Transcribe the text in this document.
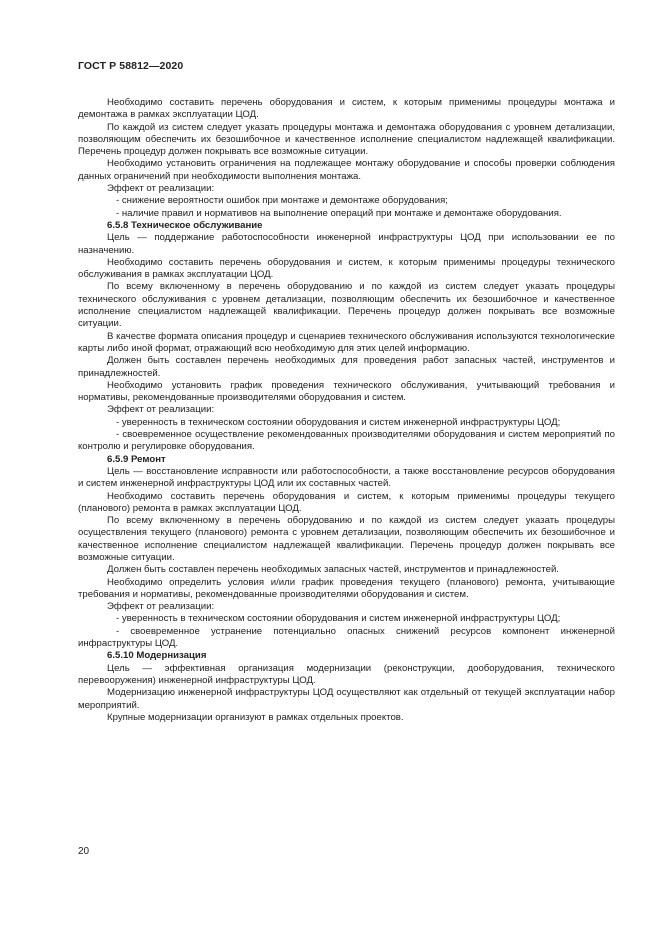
ГОСТ Р 58812—2020

Необходимо составить перечень оборудования и систем, к которым применимы процедуры монтажа и демонтажа в рамках эксплуатации ЦОД.

По каждой из систем следует указать процедуры монтажа и демонтажа оборудования с уровнем детализации, позволяющим обеспечить их безошибочное и качественное исполнение специалистом надлежащей квалификации. Перечень процедур должен покрывать все возможные ситуации.

Необходимо установить ограничения на подлежащее монтажу оборудование и способы проверки соблюдения данных ограничений при необходимости выполнения монтажа.

Эффект от реализации:

- снижение вероятности ошибок при монтаже и демонтаже оборудования;

- наличие правил и нормативов на выполнение операций при монтаже и демонтаже оборудования.

6.5.8 Техническое обслуживание

Цель — поддержание работоспособности инженерной инфраструктуры ЦОД при использовании ее по назначению.

Необходимо составить перечень оборудования и систем, к которым применимы процедуры технического обслуживания в рамках эксплуатации ЦОД.

По всему включенному в перечень оборудованию и по каждой из систем следует указать процедуры технического обслуживания с уровнем детализации, позволяющим обеспечить их безошибочное и качественное исполнение специалистом надлежащей квалификации. Перечень процедур должен покрывать все возможные ситуации.

В качестве формата описания процедур и сценариев технического обслуживания используются технологические карты либо иной формат, отражающий всю необходимую для этих целей информацию.

Должен быть составлен перечень необходимых для проведения работ запасных частей, инструментов и принадлежностей.

Необходимо установить график проведения технического обслуживания, учитывающий требования и нормативы, рекомендованные производителями оборудования и систем.

Эффект от реализации:

- уверенность в техническом состоянии оборудования и систем инженерной инфраструктуры ЦОД;

- своевременное осуществление рекомендованных производителями оборудования и систем мероприятий по контролю и регулировке оборудования.

6.5.9 Ремонт

Цель — восстановление исправности или работоспособности, а также восстановление ресурсов оборудования и систем инженерной инфраструктуры ЦОД или их составных частей.

Необходимо составить перечень оборудования и систем, к которым применимы процедуры текущего (планового) ремонта в рамках эксплуатации ЦОД.

По всему включенному в перечень оборудованию и по каждой из систем следует указать процедуры осуществления текущего (планового) ремонта с уровнем детализации, позволяющим обеспечить их безошибочное и качественное исполнение специалистом надлежащей квалификации. Перечень процедур должен покрывать все возможные ситуации.

Должен быть составлен перечень необходимых запасных частей, инструментов и принадлежностей.

Необходимо определить условия и/или график проведения текущего (планового) ремонта, учитывающие требования и нормативы, рекомендованные производителями оборудования и систем.

Эффект от реализации:

- уверенность в техническом состоянии оборудования и систем инженерной инфраструктуры ЦОД;

- своевременное устранение потенциально опасных снижений ресурсов компонент инженерной инфраструктуры ЦОД.

6.5.10 Модернизация

Цель — эффективная организация модернизации (реконструкции, дооборудования, технического перевооружения) инженерной инфраструктуры ЦОД.

Модернизацию инженерной инфраструктуры ЦОД осуществляют как отдельный от текущей эксплуатации набор мероприятий.

Крупные модернизации организуют в рамках отдельных проектов.

20
